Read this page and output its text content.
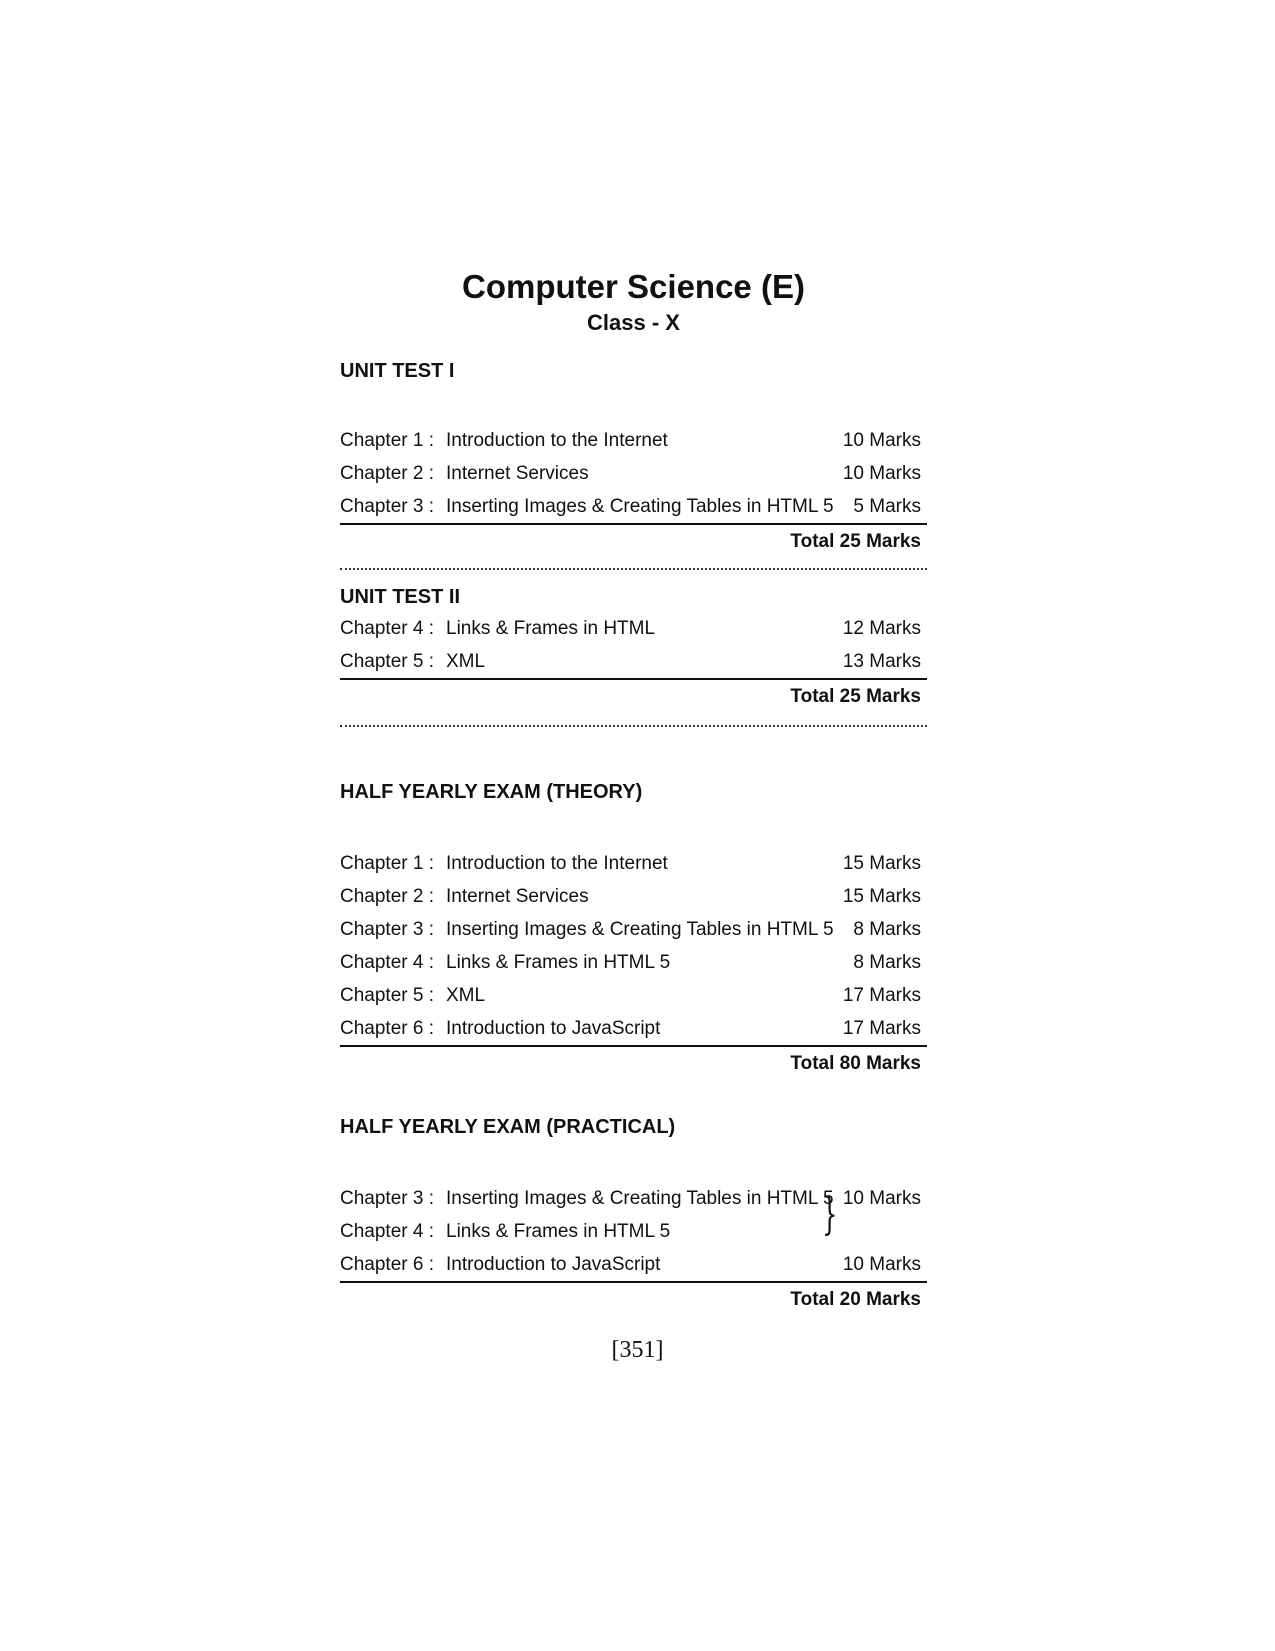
Computer Science (E)
Class - X
UNIT TEST I
Chapter 1 : Introduction to the Internet	10 Marks
Chapter 2 : Internet Services	10 Marks
Chapter 3 : Inserting Images & Creating Tables in HTML 5 5 Marks
Total 25 Marks
UNIT TEST II
Chapter 4 : Links & Frames in HTML	12 Marks
Chapter 5 : XML	13 Marks
Total 25 Marks
HALF YEARLY EXAM (THEORY)
Chapter 1 : Introduction to the Internet	15 Marks
Chapter 2 : Internet Services	15 Marks
Chapter 3 : Inserting Images & Creating Tables in HTML 5 8 Marks
Chapter 4 : Links & Frames in HTML 5	8 Marks
Chapter 5 : XML	17 Marks
Chapter 6 : Introduction to JavaScript	17 Marks
Total 80 Marks
HALF YEARLY EXAM (PRACTICAL)
}
Chapter 3 : Inserting Images & Creating Tables in HTML 5 10 Marks
Chapter 4 : Links & Frames in HTML 5
Chapter 6 : Introduction to JavaScript	10 Marks
Total 20 Marks
[351]
